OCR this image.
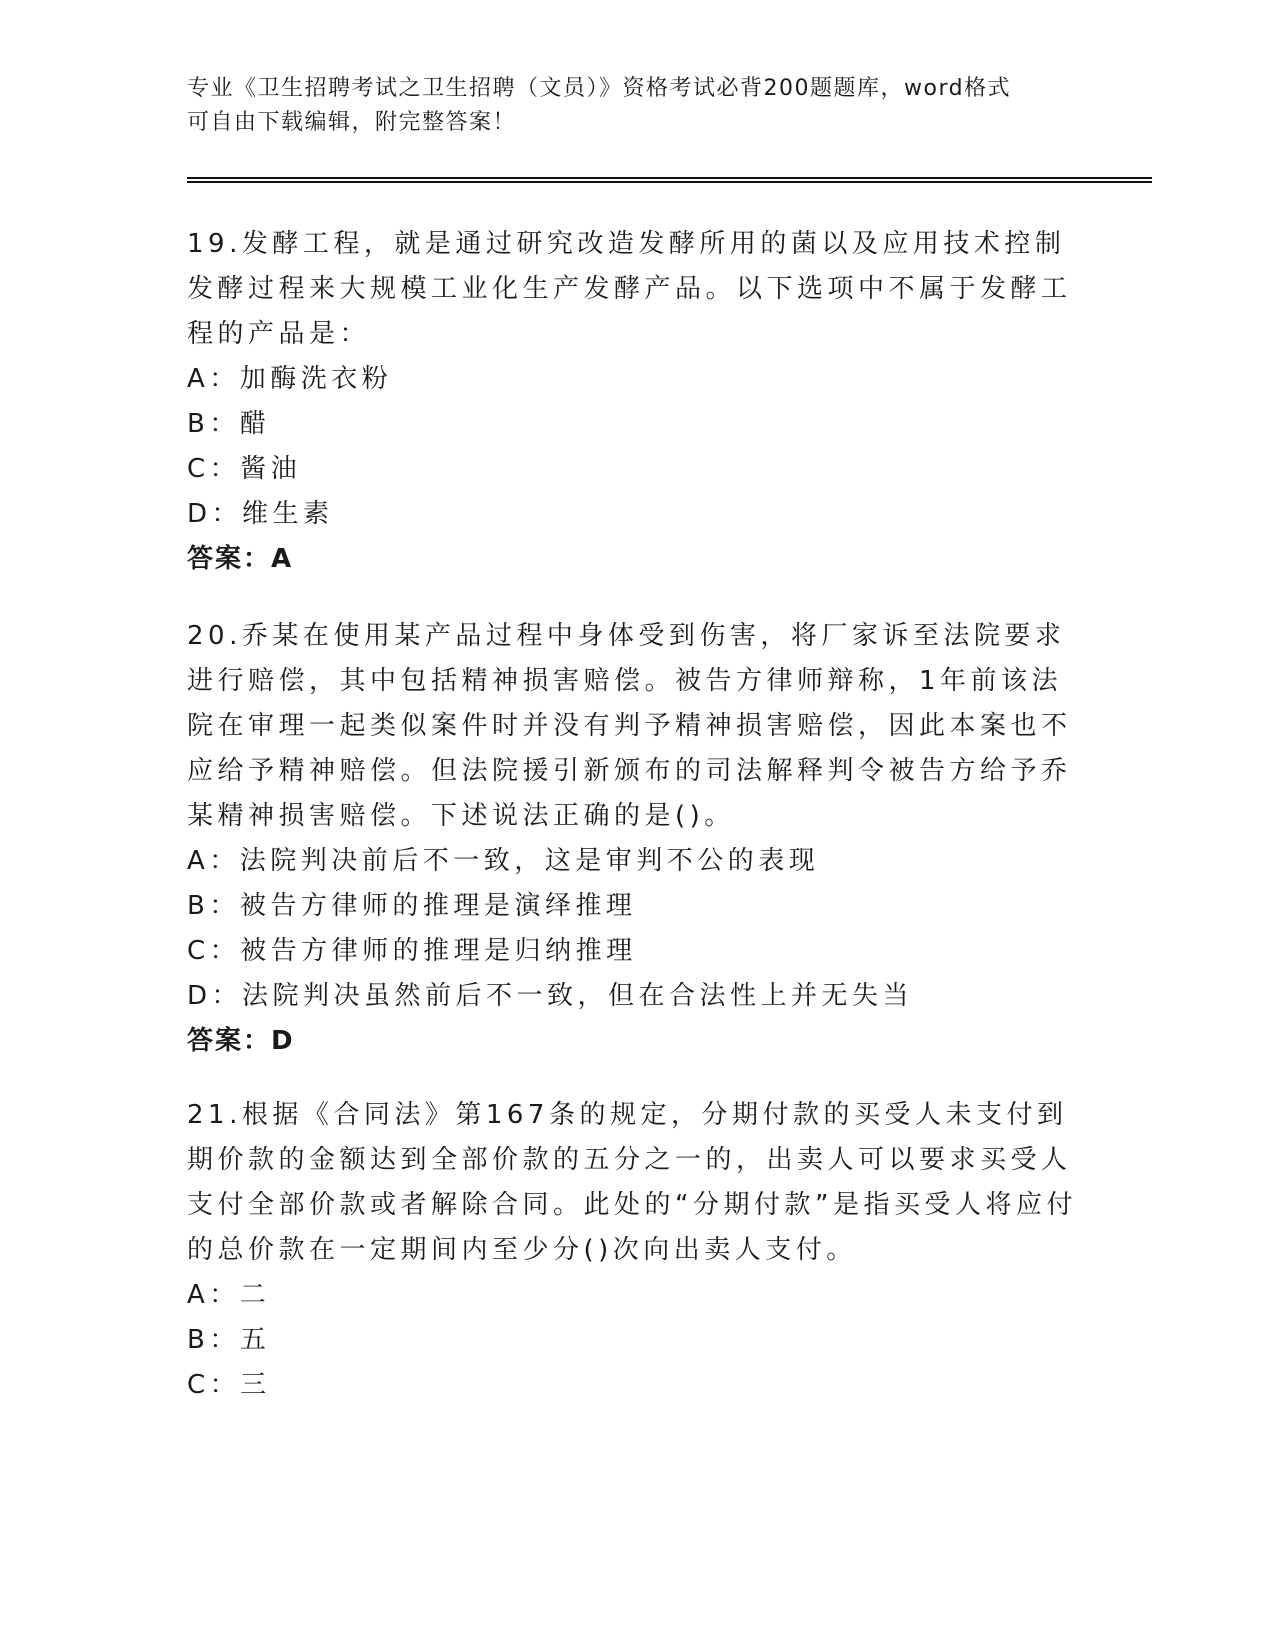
专业《卫生招聘考试之卫生招聘（文员）》资格考试必背200题题库，word格式
可自由下载编辑，附完整答案！

19.发酵工程，就是通过研究改造发酵所用的菌以及应用技术控制发酵过程来大规模工业化生产发酵产品。以下选项中不属于发酵工程的产品是：

A：加酶洗衣粉
B：醋
C：酱油
D：维生素
答案：A

20.乔某在使用某产品过程中身体受到伤害，将厂家诉至法院要求进行赔偿，其中包括精神损害赔偿。被告方律师辩称，1年前该法院在审理一起类似案件时并没有判予精神损害赔偿，因此本案也不应给予精神赔偿。但法院援引新颁布的司法解释判令被告方给予乔某精神损害赔偿。下述说法正确的是()。

A：法院判决前后不一致，这是审判不公的表现
B：被告方律师的推理是演绎推理
C：被告方律师的推理是归纳推理
D：法院判决虽然前后不一致，但在合法性上并无失当
答案：D

21.根据《合同法》第167条的规定，分期付款的买受人未支付到期价款的金额达到全部价款的五分之一的，出卖人可以要求买受人支付全部价款或者解除合同。此处的“分期付款”是指买受人将应付的总价款在一定期间内至少分()次向出卖人支付。

A：二
B：五
C：三
